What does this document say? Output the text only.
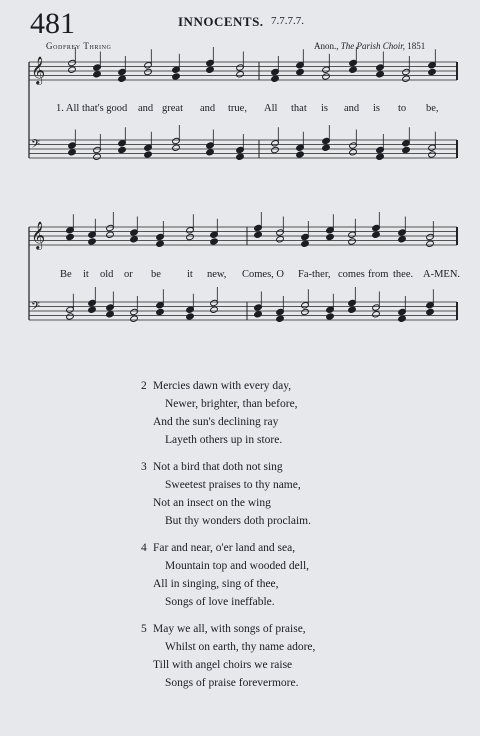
481	INNOCENTS. 7.7.7.7.
Godfrey Thring	Anon., The Parish Choir, 1851
𝄞
𝄢
𝄞
𝄢
1. All that's good and great and true, All that is and is to be,
Be it old or be it new, Comes, O Fa-ther, comes from thee. A-MEN.
2 Mercies dawn with every day,
Newer, brighter, than before,
And the sun's declining ray
Layeth others up in store.
3 Not a bird that doth not sing
Sweetest praises to thy name,
Not an insect on the wing
But thy wonders doth proclaim.
4 Far and near, o'er land and sea,
Mountain top and wooded dell,
All in singing, sing of thee,
Songs of love ineffable.
5 May we all, with songs of praise,
Whilst on earth, thy name adore,
Till with angel choirs we raise
Songs of praise forevermore.
